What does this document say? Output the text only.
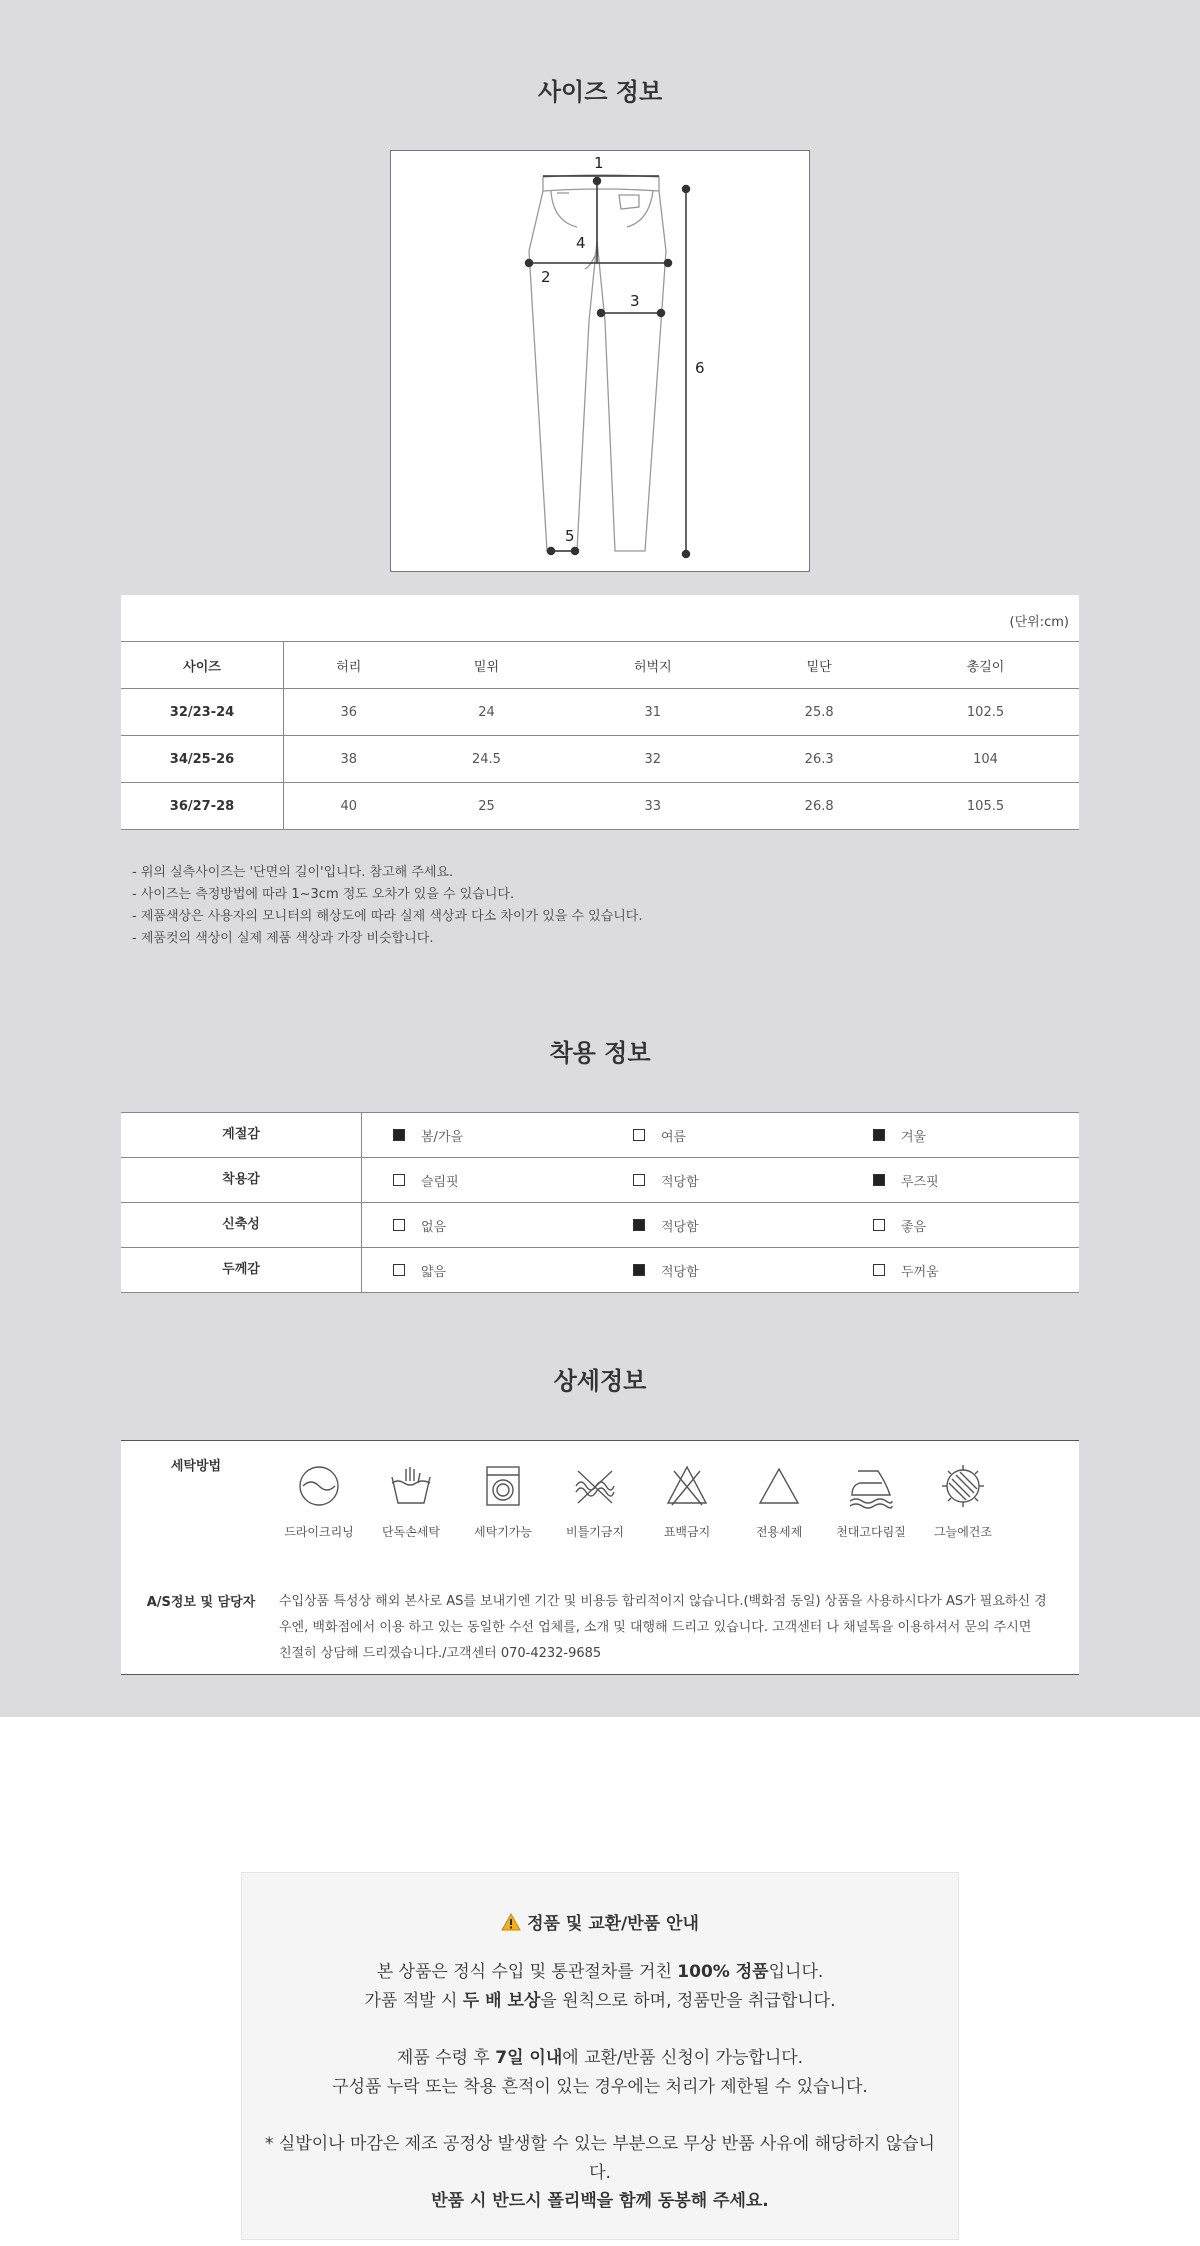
사이즈 정보
1
2
3
4
5
6
(단위:cm)
사이즈	허리	밑위	허벅지	밑단	총길이
32/23-24	36	24	31	25.8	102.5
34/25-26	38	24.5	32	26.3	104
36/27-28	40	25	33	26.8	105.5
- 위의 실측사이즈는 '단면의 길이'입니다. 참고해 주세요.
- 사이즈는 측정방법에 따라 1~3cm 정도 오차가 있을 수 있습니다.
- 제품색상은 사용자의 모니터의 해상도에 따라 실제 색상과 다소 차이가 있을 수 있습니다.
- 제품컷의 색상이 실제 제품 색상과 가장 비슷합니다.
착용 정보
계절감	봄/가을	여름	겨울
착용감	슬림핏	적당함	루즈핏
신축성	없음	적당함	좋음
두께감	얇음	적당함	두꺼움
상세정보
세탁방법
드라이크리닝	단독손세탁	세탁기가능	비틀기금지	표백금지	전용세제	천대고다림질	그늘에건조
A/S정보 및 담당자	수입상품 특성상 해외 본사로 AS를 보내기엔 기간 및 비용등 합리적이지 않습니다.(백화점 동일) 상품을 사용하시다가 AS가 필요하신 경
우엔, 백화점에서 이용 하고 있는 동일한 수선 업체를, 소개 및 대행해 드리고 있습니다. 고객센터 나 채널톡을 이용하셔서 문의 주시면
친절히 상담해 드리겠습니다./고객센터 070-4232-9685
정품 및 교환/반품 안내
본 상품은 정식 수입 및 통관절차를 거친 100% 정품입니다.
가품 적발 시 두 배 보상을 원칙으로 하며, 정품만을 취급합니다.
제품 수령 후 7일 이내에 교환/반품 신청이 가능합니다.
구성품 누락 또는 착용 흔적이 있는 경우에는 처리가 제한될 수 있습니다.
* 실밥이나 마감은 제조 공정상 발생할 수 있는 부분으로 무상 반품 사유에 해당하지 않습니
다.
반품 시 반드시 폴리백을 함께 동봉해 주세요.
